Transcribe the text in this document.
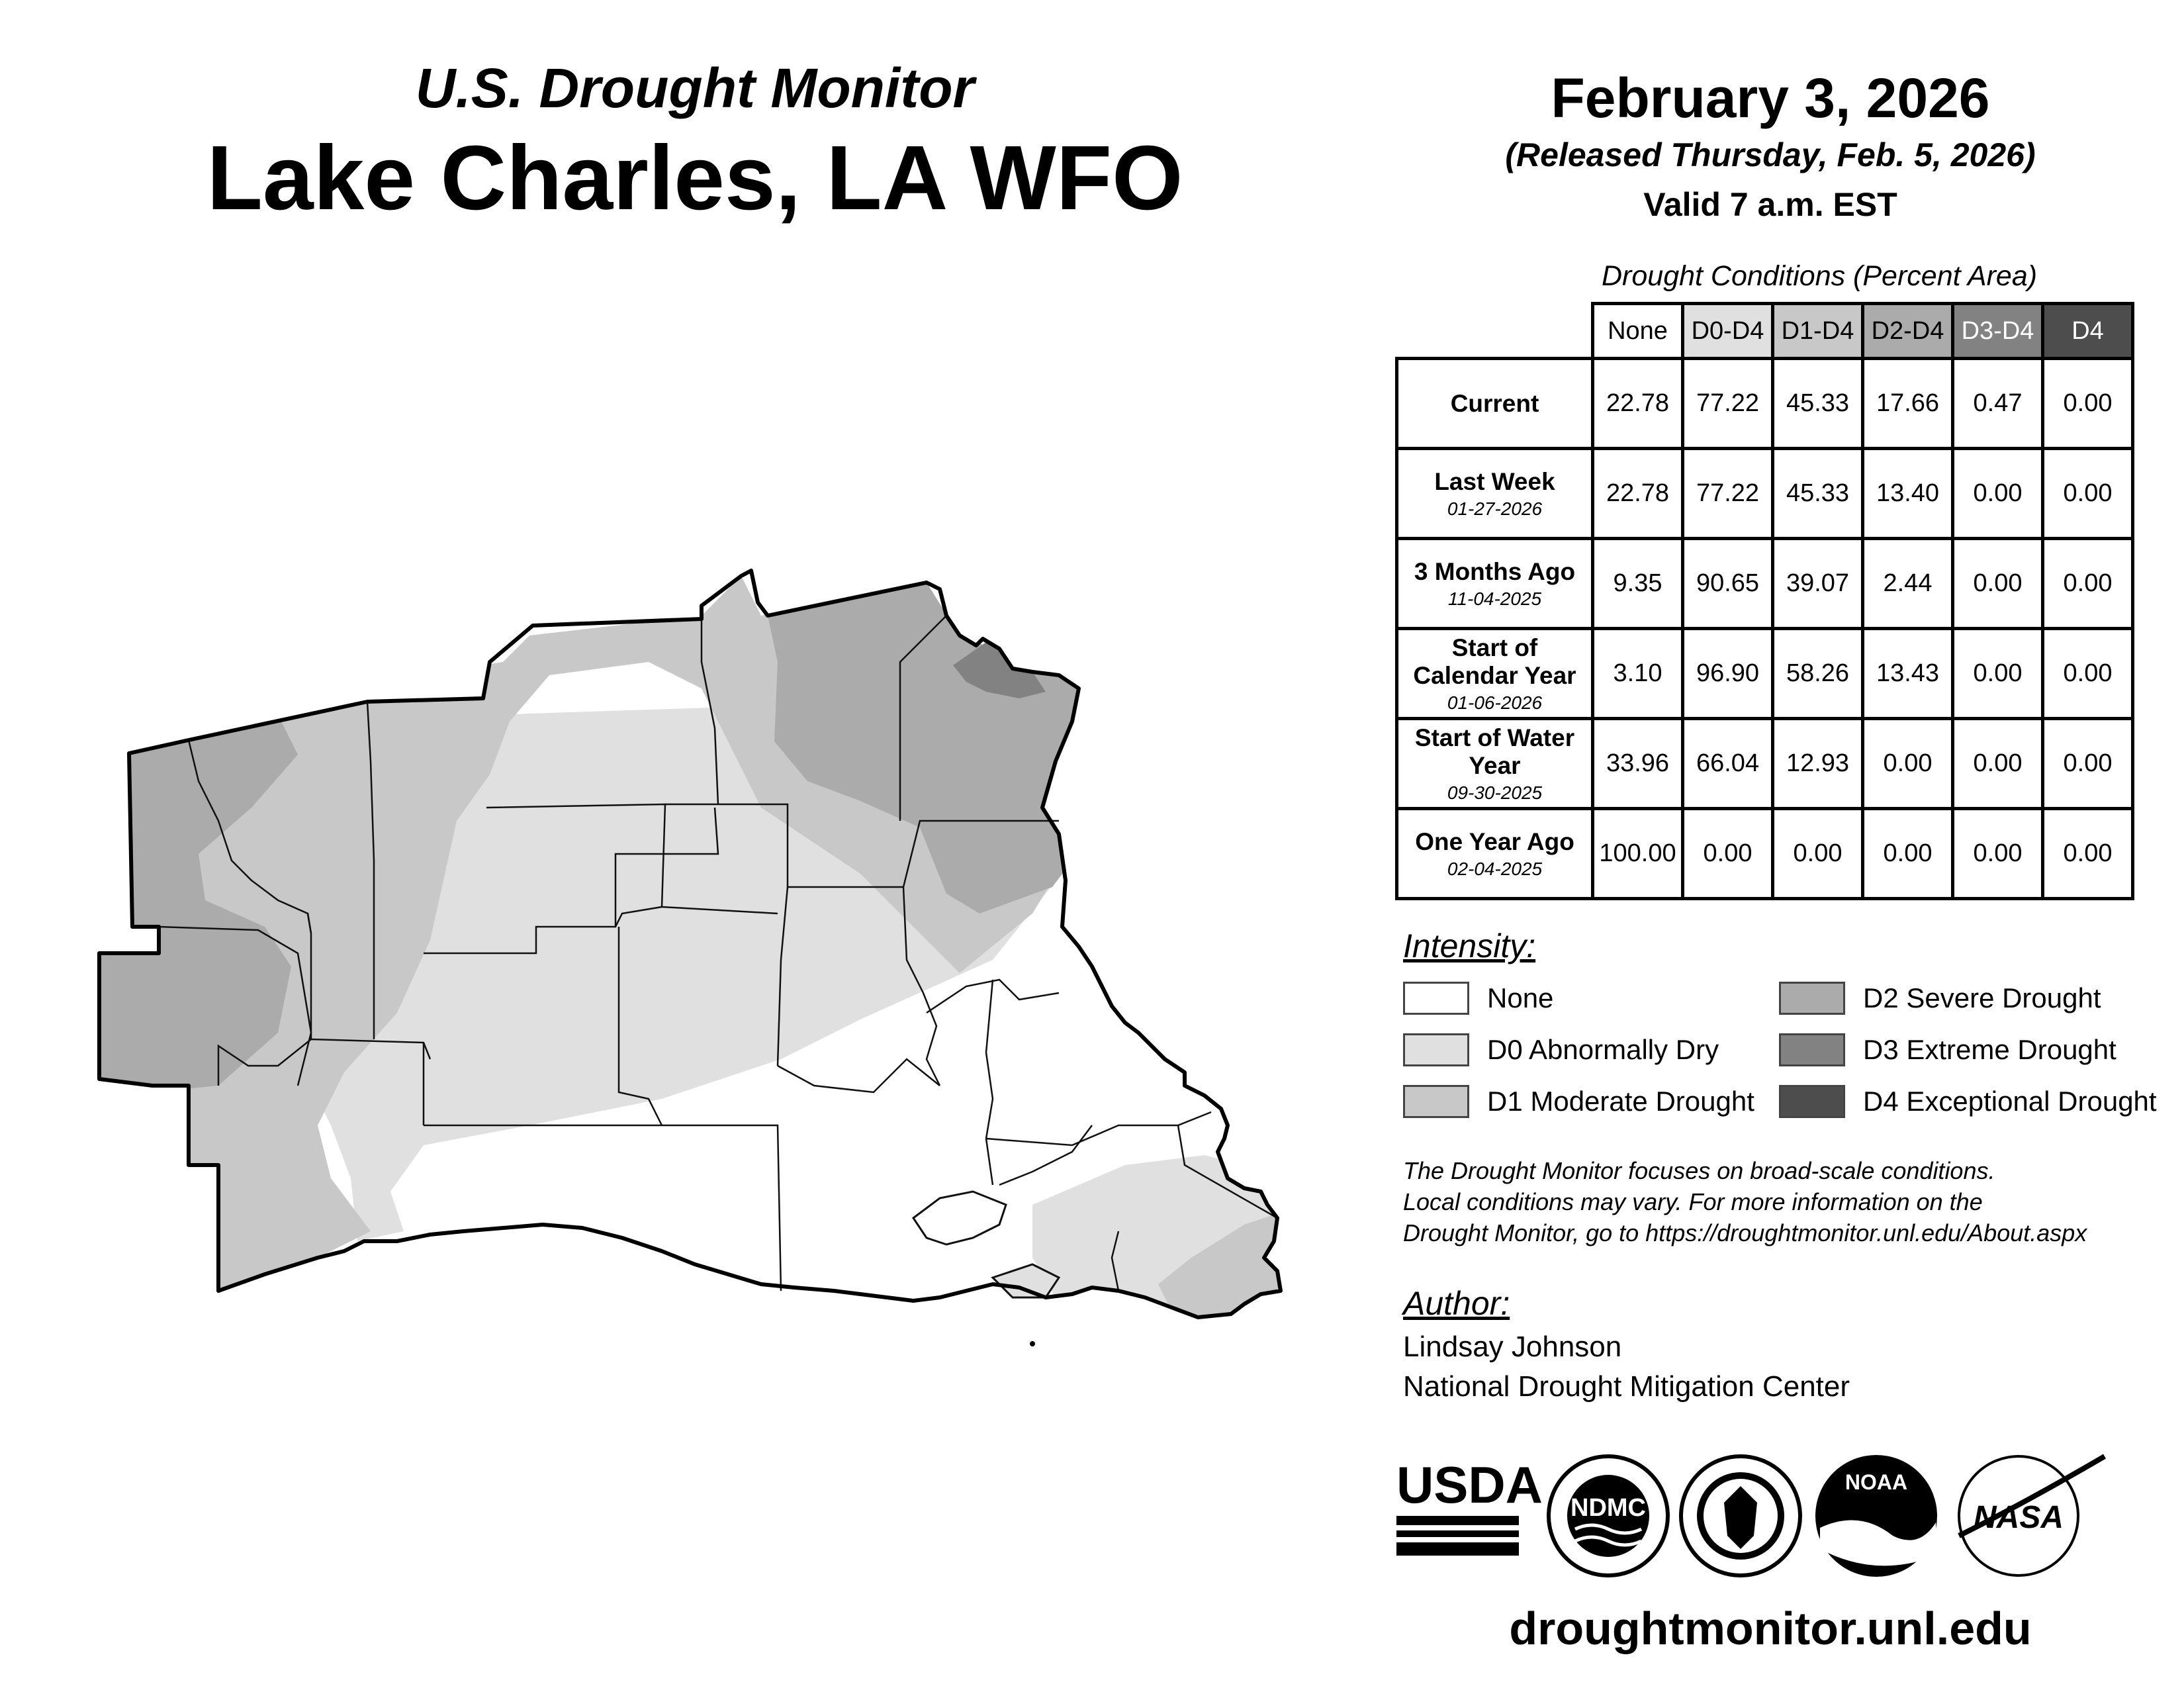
U.S. Drought Monitor
Lake Charles, LA WFO
February 3, 2026
(Released Thursday, Feb. 5, 2026)
Valid 7 a.m. EST
Drought Conditions (Percent Area)
	None	D0-D4	D1-D4	D2-D4	D3-D4	D4

Current	22.78	77.22	45.33	17.66	0.47	0.00

Last Week
01-27-2026	22.78	77.22	45.33	13.40	0.00	0.00

3 Months Ago
11-04-2025	9.35	90.65	39.07	2.44	0.00	0.00

Start of Calendar Year
01-06-2026	3.10	96.90	58.26	13.43	0.00	0.00

Start of Water Year
09-30-2025	33.96	66.04	12.93	0.00	0.00	0.00

One Year Ago
02-04-2025	100.00	0.00	0.00	0.00	0.00	0.00
Intensity:
None
D0 Abnormally Dry
D1 Moderate Drought
D2 Severe Drought
D3 Extreme Drought
D4 Exceptional Drought
The Drought Monitor focuses on broad-scale conditions.
Local conditions may vary. For more information on the
Drought Monitor, go to https://droughtmonitor.unl.edu/About.aspx
Author:
Lindsay Johnson
National Drought Mitigation Center
USDA NDMC
NOAA
NASA
droughtmonitor.unl.edu
